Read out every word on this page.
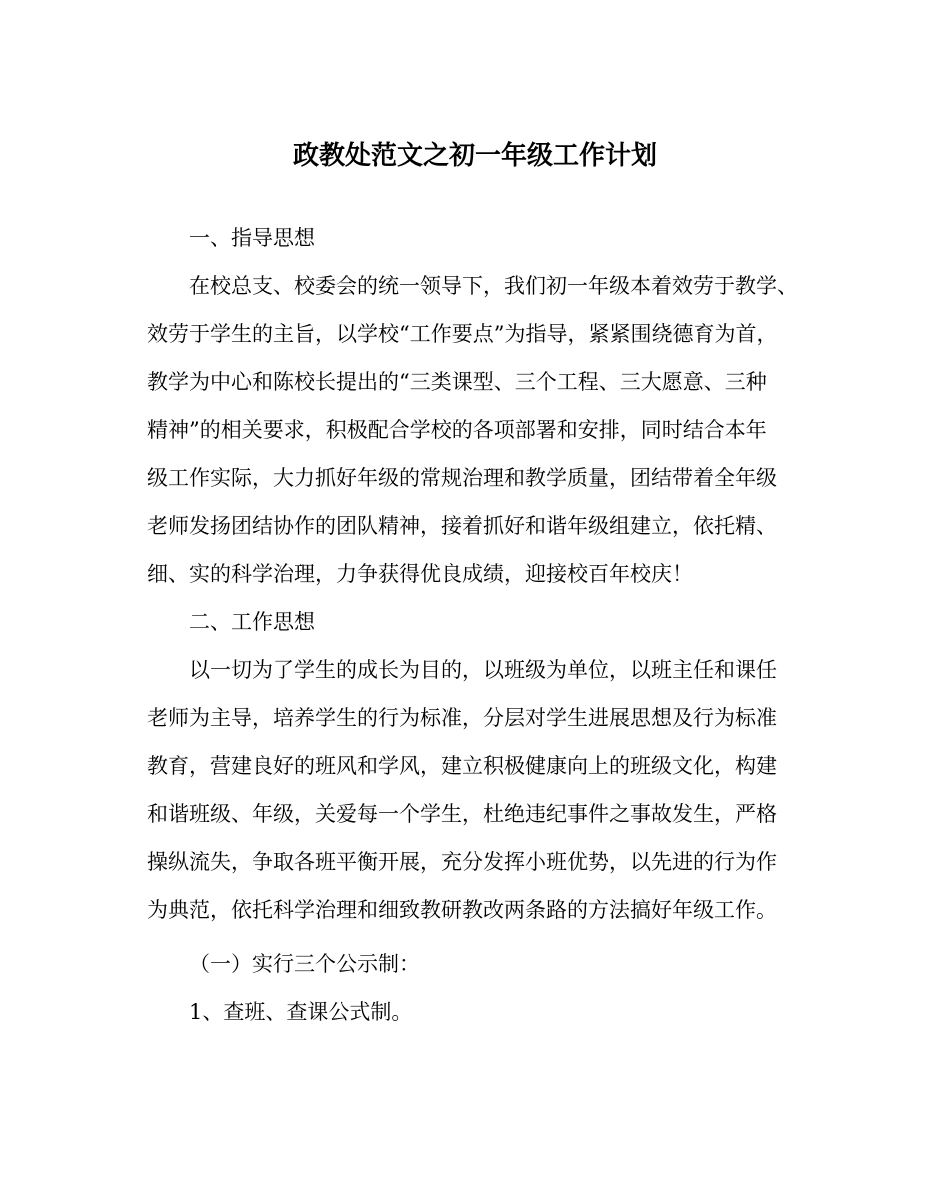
政教处范文之初一年级工作计划

一、指导思想

在校总支、校委会的统一领导下，我们初一年级本着效劳于教学、

效劳于学生的主旨，以学校“工作要点”为指导，紧紧围绕德育为首，

教学为中心和陈校长提出的“三类课型、三个工程、三大愿意、三种

精神”的相关要求，积极配合学校的各项部署和安排，同时结合本年

级工作实际，大力抓好年级的常规治理和教学质量，团结带着全年级

老师发扬团结协作的团队精神，接着抓好和谐年级组建立，依托精、

细、实的科学治理，力争获得优良成绩，迎接校百年校庆！

二、工作思想

以一切为了学生的成长为目的，以班级为单位，以班主任和课任

老师为主导，培养学生的行为标准，分层对学生进展思想及行为标准

教育，营建良好的班风和学风，建立积极健康向上的班级文化，构建

和谐班级、年级，关爱每一个学生，杜绝违纪事件之事故发生，严格

操纵流失，争取各班平衡开展，充分发挥小班优势，以先进的行为作

为典范，依托科学治理和细致教研教改两条路的方法搞好年级工作。

（一）实行三个公示制：

1、查班、查课公式制。
